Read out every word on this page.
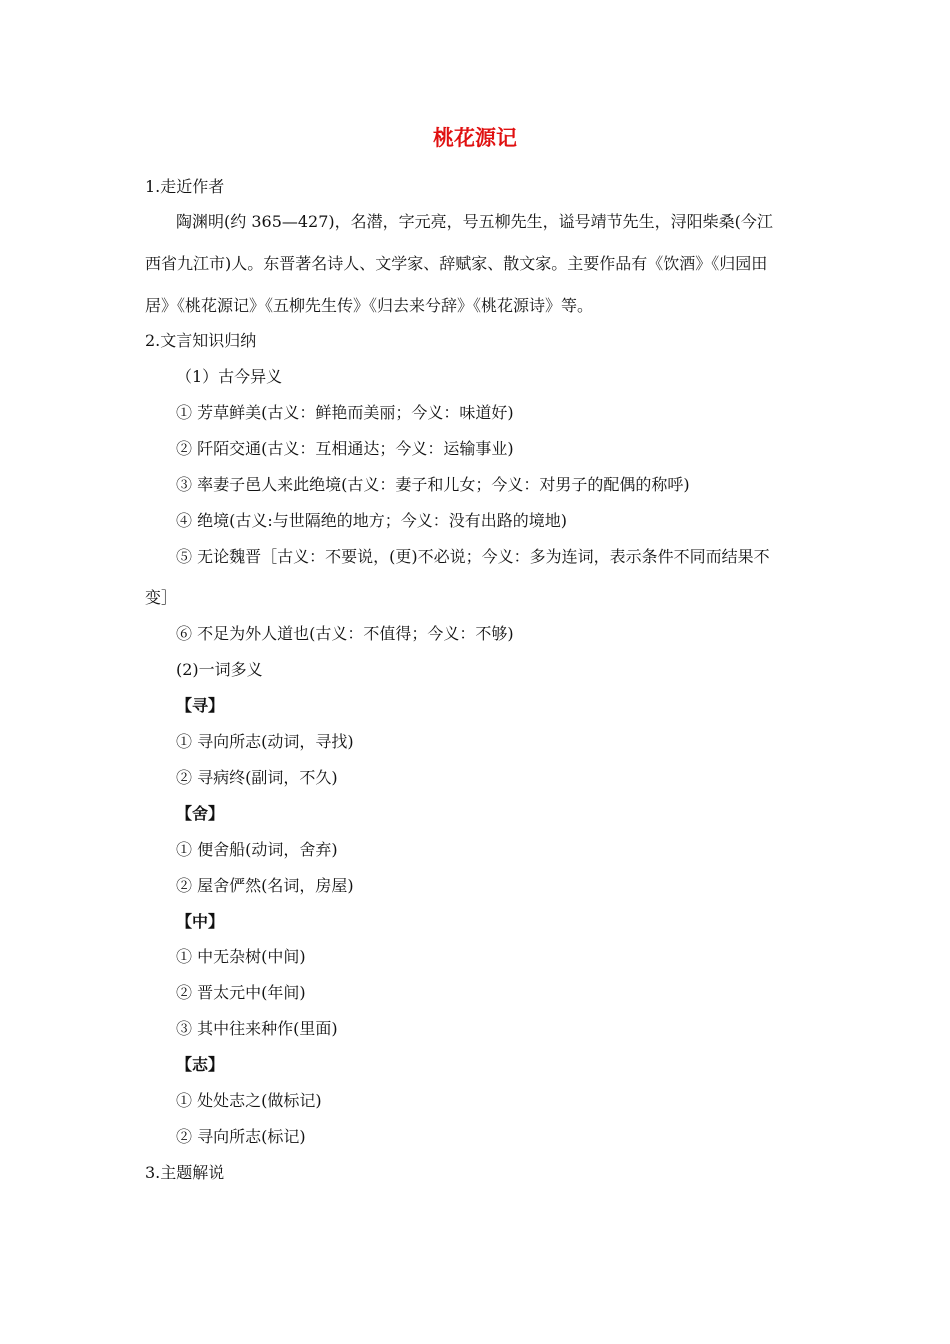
桃花源记

1.走近作者

陶渊明(约 365—427)，名潜，字元亮，号五柳先生，谥号靖节先生，浔阳柴桑(今江

西省九江市)人。东晋著名诗人、文学家、辞赋家、散文家。主要作品有《饮酒》《归园田

居》《桃花源记》《五柳先生传》《归去来兮辞》《桃花源诗》等。

2.文言知识归纳

（1）古今异义

① 芳草鲜美(古义：鲜艳而美丽；今义：味道好)

② 阡陌交通(古义：互相通达；今义：运输事业)

③ 率妻子邑人来此绝境(古义：妻子和儿女；今义：对男子的配偶的称呼)

④ 绝境(古义:与世隔绝的地方；今义：没有出路的境地)

⑤ 无论魏晋［古义：不要说，(更)不必说；今义：多为连词，表示条件不同而结果不

变］

⑥ 不足为外人道也(古义：不值得；今义：不够)

(2)一词多义

【寻】

① 寻向所志(动词，寻找)

② 寻病终(副词，不久)

【舍】

① 便舍船(动词，舍弃)

② 屋舍俨然(名词，房屋)

【中】

① 中无杂树(中间)

② 晋太元中(年间)

③ 其中往来种作(里面)

【志】

① 处处志之(做标记)

② 寻向所志(标记)

3.主题解说
